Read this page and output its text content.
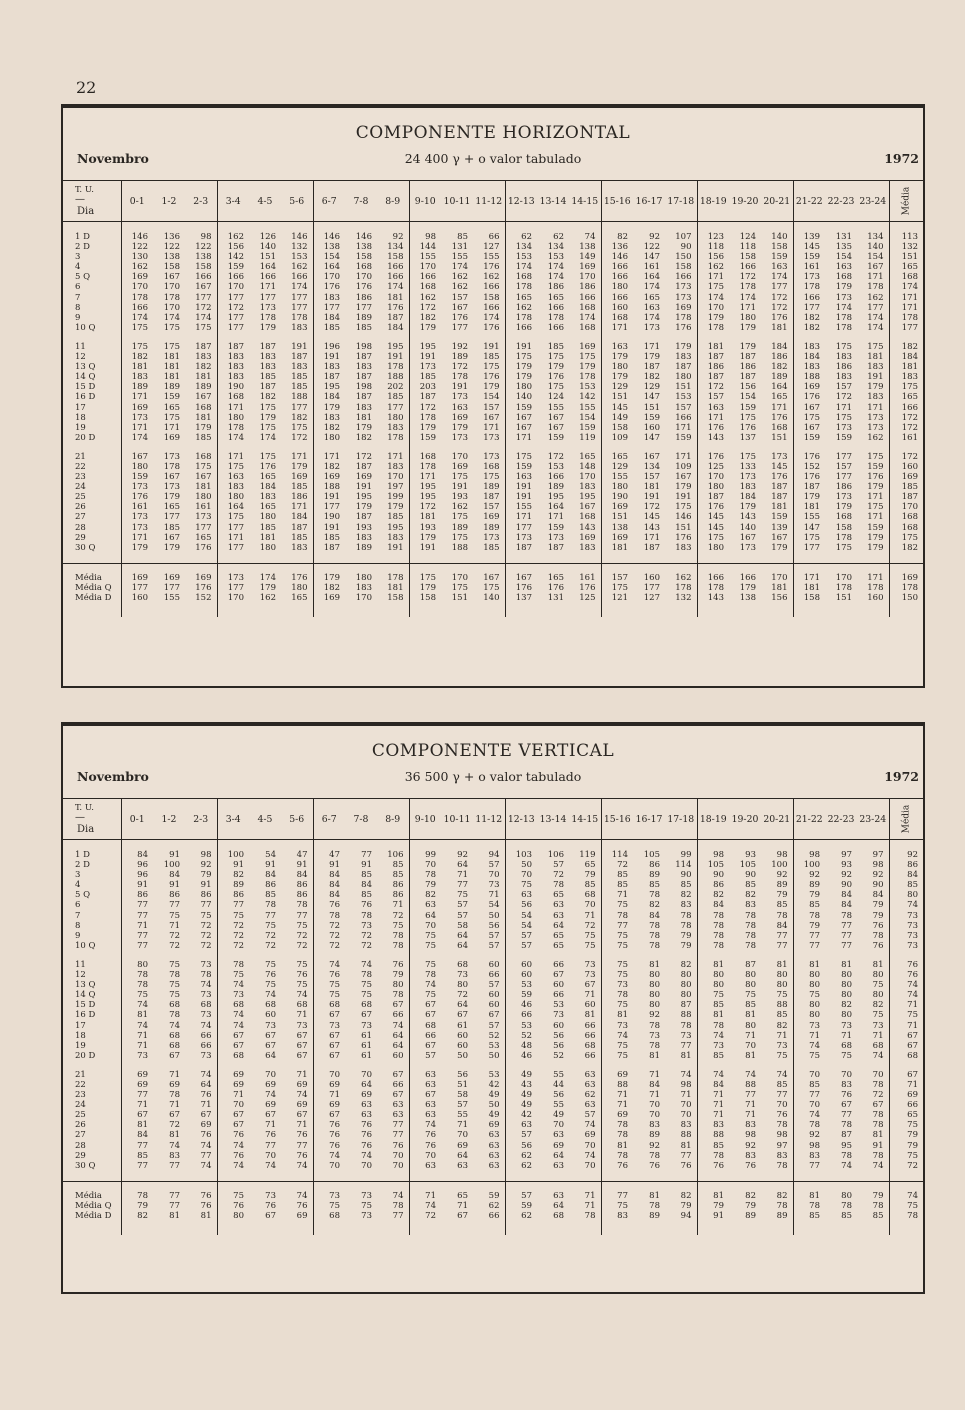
22
COMPONENTE HORIZONTAL
Novembro	24 400 γ + o valor tabulado	1972
T. U.
—
Dia	0-1	1-2	2-3	3-4	4-5	5-6	6-7	7-8	8-9	9-10	10-11	11-12	12-13	13-14	14-15	15-16	16-17	17-18	18-19	19-20	20-21	21-22	22-23	23-24	Média

1 D	146	136	98	162	126	146	146	146	92	98	85	66	62	62	74	82	92	107	123	124	140	139	131	134	113
2 D	122	122	122	156	140	132	138	138	134	144	131	127	134	134	138	136	122	90	118	118	158	145	135	140	132
3	130	138	138	142	151	153	154	158	158	155	155	155	153	153	149	146	147	150	156	158	159	159	154	154	151
4	162	158	158	159	164	162	164	168	166	170	174	176	174	174	169	166	161	158	162	166	163	161	163	167	165
5 Q	169	167	166	166	166	166	170	170	166	166	162	162	168	174	170	166	164	166	171	172	174	173	168	171	168
6	170	170	167	170	171	174	176	176	174	168	162	166	178	186	186	180	174	173	175	178	177	178	179	178	174
7	178	178	177	177	177	177	183	186	181	162	157	158	165	165	166	166	165	173	174	174	172	166	173	162	171
8	166	170	172	172	173	177	177	177	176	172	167	166	162	166	168	160	163	169	170	171	172	177	174	177	171
9	174	174	174	177	178	178	184	189	187	182	176	174	178	178	174	168	174	178	179	180	176	182	178	174	178
10 Q	175	175	175	177	179	183	185	185	184	179	177	176	166	166	168	171	173	176	178	179	181	182	178	174	177

11	175	175	187	187	187	191	196	198	195	195	192	191	191	185	169	163	171	179	181	179	184	183	175	175	182
12	182	181	183	183	183	187	191	187	191	191	189	185	175	175	175	179	179	183	187	187	186	184	183	181	184
13 Q	181	181	182	183	183	183	183	183	178	173	172	175	179	179	179	180	187	187	186	186	182	183	186	183	181
14 Q	183	181	181	183	185	185	187	187	188	185	178	176	179	176	178	179	182	180	187	187	189	188	183	191	183
15 D	189	189	189	190	187	185	195	198	202	203	191	179	180	175	153	129	129	151	172	156	164	169	157	179	175
16 D	171	159	167	168	182	188	184	187	185	187	173	154	140	124	142	151	147	153	157	154	165	176	172	183	165
17	169	165	168	171	175	177	179	183	177	172	163	157	159	155	155	145	151	157	163	159	171	167	171	171	166
18	173	175	181	180	179	182	183	181	180	178	169	167	167	167	154	149	159	166	171	175	176	175	175	173	172
19	171	171	179	178	175	175	182	179	183	179	179	171	167	167	159	158	160	171	176	176	168	167	173	173	172
20 D	174	169	185	174	174	172	180	182	178	159	173	173	171	159	119	109	147	159	143	137	151	159	159	162	161

21	167	173	168	171	175	171	171	172	171	168	170	173	175	172	165	165	167	171	176	175	173	176	177	175	172
22	180	178	175	175	176	179	182	187	183	178	169	168	159	153	148	129	134	109	125	133	145	152	157	159	160
23	159	167	167	163	165	169	169	169	170	171	175	175	163	166	170	155	157	167	170	173	176	176	177	176	169
24	173	173	181	183	184	185	188	191	197	195	191	189	191	189	183	180	181	179	180	183	187	187	186	179	185
25	176	179	180	180	183	186	191	195	199	195	193	187	191	195	195	190	191	191	187	184	187	179	173	171	187
26	161	165	161	164	165	171	177	179	179	172	162	157	155	164	167	169	172	175	176	179	181	181	179	175	170
27	173	177	173	175	180	184	190	187	185	181	175	169	171	171	168	151	145	146	145	143	159	155	168	171	168
28	173	185	177	177	185	187	191	193	195	193	189	189	177	159	143	138	143	151	145	140	139	147	158	159	168
29	171	167	165	171	181	185	185	183	183	179	175	173	173	173	169	169	171	176	175	167	167	175	178	179	175
30 Q	179	179	176	177	180	183	187	189	191	191	188	185	187	187	183	181	187	183	180	173	179	177	175	179	182

Média	169	169	169	173	174	176	179	180	178	175	170	167	167	165	161	157	160	162	166	166	170	171	170	171	169
Média Q	177	177	176	177	179	180	182	183	181	179	175	175	176	176	176	175	177	178	178	179	181	181	178	178	178
Média D	160	155	152	170	162	165	169	170	158	158	151	140	137	131	125	121	127	132	143	138	156	158	151	160	150

COMPONENTE VERTICAL
Novembro	36 500 γ + o valor tabulado	1972
T. U.
—
Dia	0-1	1-2	2-3	3-4	4-5	5-6	6-7	7-8	8-9	9-10	10-11	11-12	12-13	13-14	14-15	15-16	16-17	17-18	18-19	19-20	20-21	21-22	22-23	23-24	Média

1 D	84	91	98	100	54	47	47	77	106	99	92	94	103	106	119	114	105	99	98	93	98	98	97	97	92
2 D	96	100	92	91	91	91	91	91	85	70	64	57	50	57	65	72	86	114	105	105	100	100	93	98	86
3	96	84	79	82	84	84	84	85	85	78	71	70	70	72	79	85	89	90	90	90	92	92	92	92	84
4	91	91	91	89	86	86	84	84	86	79	77	73	75	78	85	85	85	85	86	85	89	89	90	90	85
5 Q	86	86	86	86	85	86	84	85	86	82	75	71	63	65	68	71	78	82	82	82	79	79	84	84	80
6	77	77	77	77	78	78	76	76	71	63	57	54	56	63	70	75	82	83	84	83	85	85	84	79	74
7	77	75	75	75	77	77	78	78	72	64	57	50	54	63	71	78	84	78	78	78	78	78	78	79	73
8	71	71	72	72	75	75	72	73	75	70	58	56	54	64	72	77	78	78	78	78	84	79	77	76	73
9	77	72	72	72	72	72	72	72	78	75	64	57	57	65	75	75	78	79	78	78	77	77	77	78	73
10 Q	77	72	72	72	72	72	72	72	78	75	64	57	57	65	75	75	78	79	78	78	77	77	77	76	73

11	80	75	73	78	75	75	74	74	76	75	68	60	60	66	73	75	81	82	81	87	81	81	81	81	76
12	78	78	78	75	76	76	76	78	79	78	73	66	60	67	73	75	80	80	80	80	80	80	80	80	76
13 Q	78	75	74	74	75	75	75	75	80	74	80	57	53	60	67	73	80	80	80	80	80	80	80	75	74
14 Q	75	75	73	73	74	74	75	75	78	75	72	60	59	66	71	78	80	80	75	75	75	75	80	80	74
15 D	74	68	68	68	68	68	68	68	67	67	64	60	46	53	60	75	80	87	85	85	88	80	82	82	71
16 D	81	78	73	74	60	71	67	67	66	67	67	67	66	73	81	81	92	88	81	81	85	80	80	75	75
17	74	74	74	74	73	73	73	73	74	68	61	57	53	60	66	73	78	78	78	80	82	73	73	73	71
18	71	68	66	67	67	67	67	61	64	66	60	52	52	56	66	74	73	73	74	71	71	71	71	71	67
19	71	68	66	67	67	67	67	61	64	67	60	53	48	56	68	75	78	77	73	70	73	74	68	68	67
20 D	73	67	73	68	64	67	67	61	60	57	50	50	46	52	66	75	81	81	85	81	75	75	75	74	68

21	69	71	74	69	70	71	70	70	67	63	56	53	49	55	63	69	71	74	74	74	74	70	70	70	67
22	69	69	64	69	69	69	69	64	66	63	51	42	43	44	63	88	84	98	84	88	85	85	83	78	71
23	77	78	76	71	74	74	71	69	67	67	58	49	49	56	62	71	71	71	71	77	77	77	76	72	69
24	71	71	71	70	69	69	69	63	63	63	57	50	49	55	63	71	70	70	71	71	70	70	67	67	66
25	67	67	67	67	67	67	67	63	63	63	55	49	42	49	57	69	70	70	71	71	76	74	77	78	65
26	81	72	69	67	71	71	76	76	77	74	71	69	63	70	74	78	83	83	83	83	78	78	78	78	75
27	84	81	76	76	76	76	76	76	77	76	70	63	57	63	69	78	89	88	88	98	98	92	87	81	79
28	77	74	74	74	77	77	76	76	76	76	69	63	56	69	70	81	92	81	85	92	97	98	95	91	79
29	85	83	77	76	70	76	74	74	70	70	64	63	62	64	74	78	78	77	78	83	83	83	78	78	75
30 Q	77	77	74	74	74	74	70	70	70	63	63	63	62	63	70	76	76	76	76	76	78	77	74	74	72

Média	78	77	76	75	73	74	73	73	74	71	65	59	57	63	71	77	81	82	81	82	82	81	80	79	74
Média Q	79	77	76	76	76	76	75	75	78	74	71	62	59	64	71	75	78	79	79	79	78	78	78	78	75
Média D	82	81	81	80	67	69	68	73	77	72	67	66	62	68	78	83	89	94	91	89	89	85	85	85	78
